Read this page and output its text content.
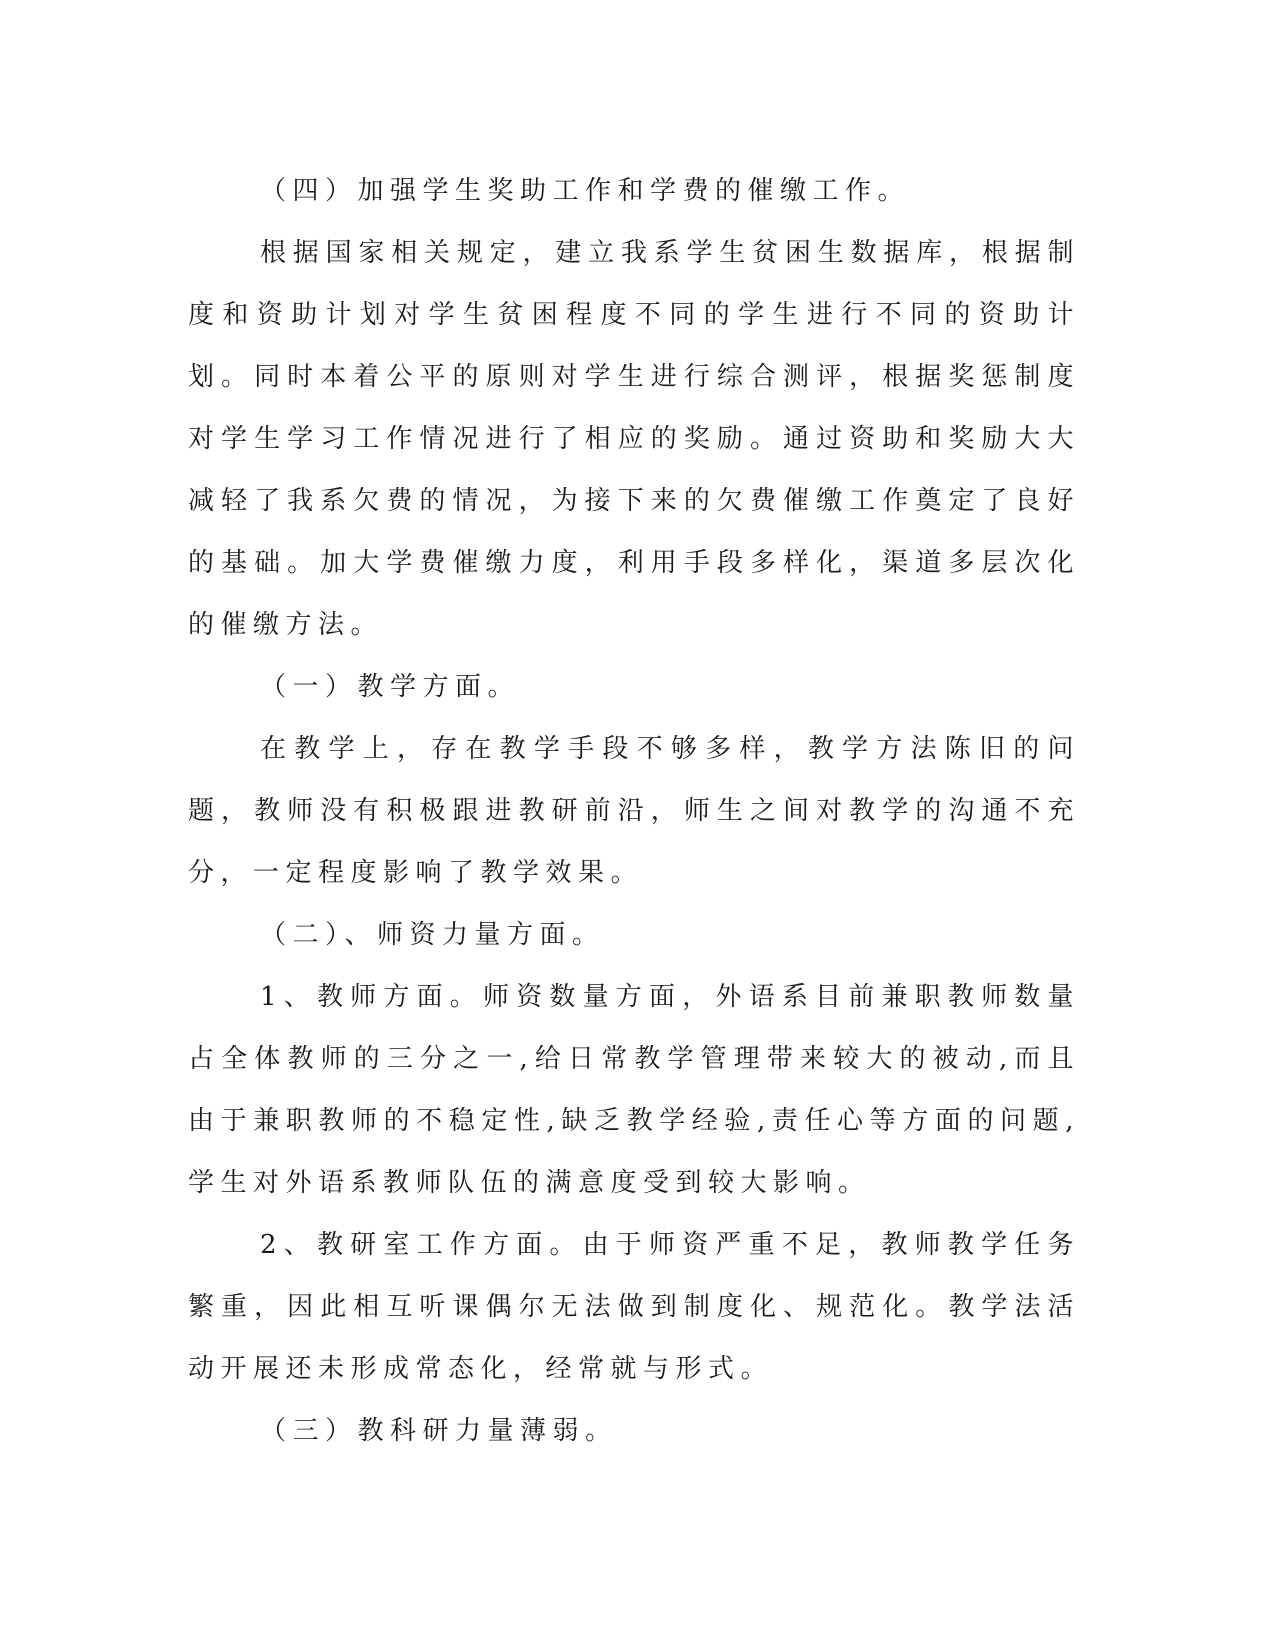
（四）加强学生奖助工作和学费的催缴工作。

根据国家相关规定，建立我系学生贫困生数据库，根据制度和资助计划对学生贫困程度不同的学生进行不同的资助计划。同时本着公平的原则对学生进行综合测评，根据奖惩制度对学生学习工作情况进行了相应的奖励。通过资助和奖励大大减轻了我系欠费的情况，为接下来的欠费催缴工作奠定了良好的基础。加大学费催缴力度，利用手段多样化，渠道多层次化的催缴方法。

（一）教学方面。

在教学上，存在教学手段不够多样，教学方法陈旧的问题，教师没有积极跟进教研前沿，师生之间对教学的沟通不充分，一定程度影响了教学效果。

（二）、师资力量方面。

1、教师方面。师资数量方面，外语系目前兼职教师数量占全体教师的三分之一,给日常教学管理带来较大的被动,而且由于兼职教师的不稳定性,缺乏教学经验,责任心等方面的问题,学生对外语系教师队伍的满意度受到较大影响。

2、教研室工作方面。由于师资严重不足，教师教学任务繁重，因此相互听课偶尔无法做到制度化、规范化。教学法活动开展还未形成常态化，经常就与形式。

（三）教科研力量薄弱。
